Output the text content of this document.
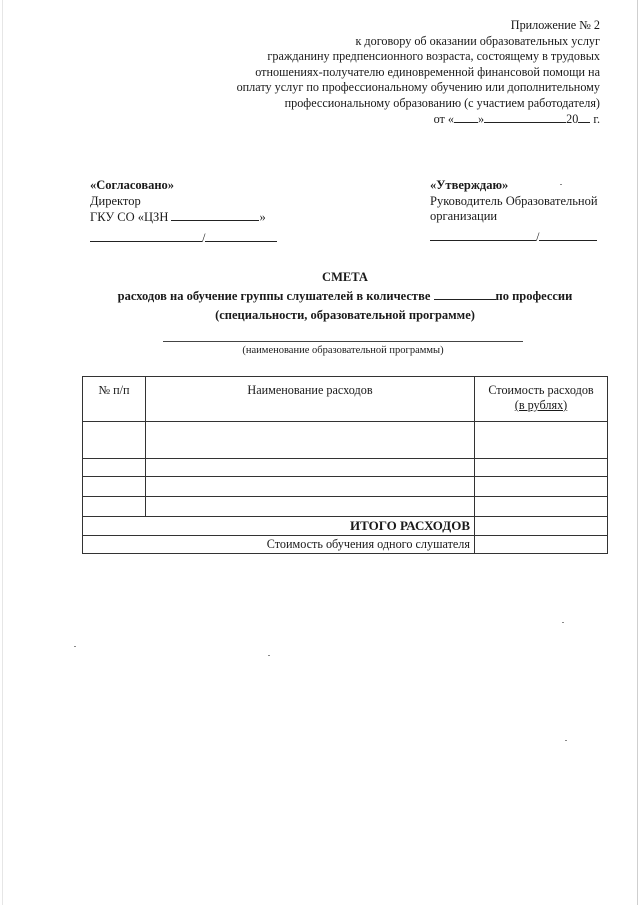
Приложение № 2
к договору об оказании образовательных услуг
гражданину предпенсионного возраста, состоящему в трудовых
отношениях-получателю единовременной финансовой помощи на
оплату услуг по профессиональному обучению или дополнительному
профессиональному образованию (с участием работодателя)
от « »	20 г.
«Согласовано»
Директор
ГКУ СО «ЦЗН	»
/
«Утверждаю»
Руководитель Образовательной
организации
/
СМЕТА
расходов на обучение группы слушателей в количестве	по профессии
(специальности, образовательной программе)
(наименование образовательной программы)
№ п/п	Наименование расходов	Стоимость расходов
(в рублях)

ИТОГО РАСХОДОВ		
Стоимость обучения одного слушателя		
